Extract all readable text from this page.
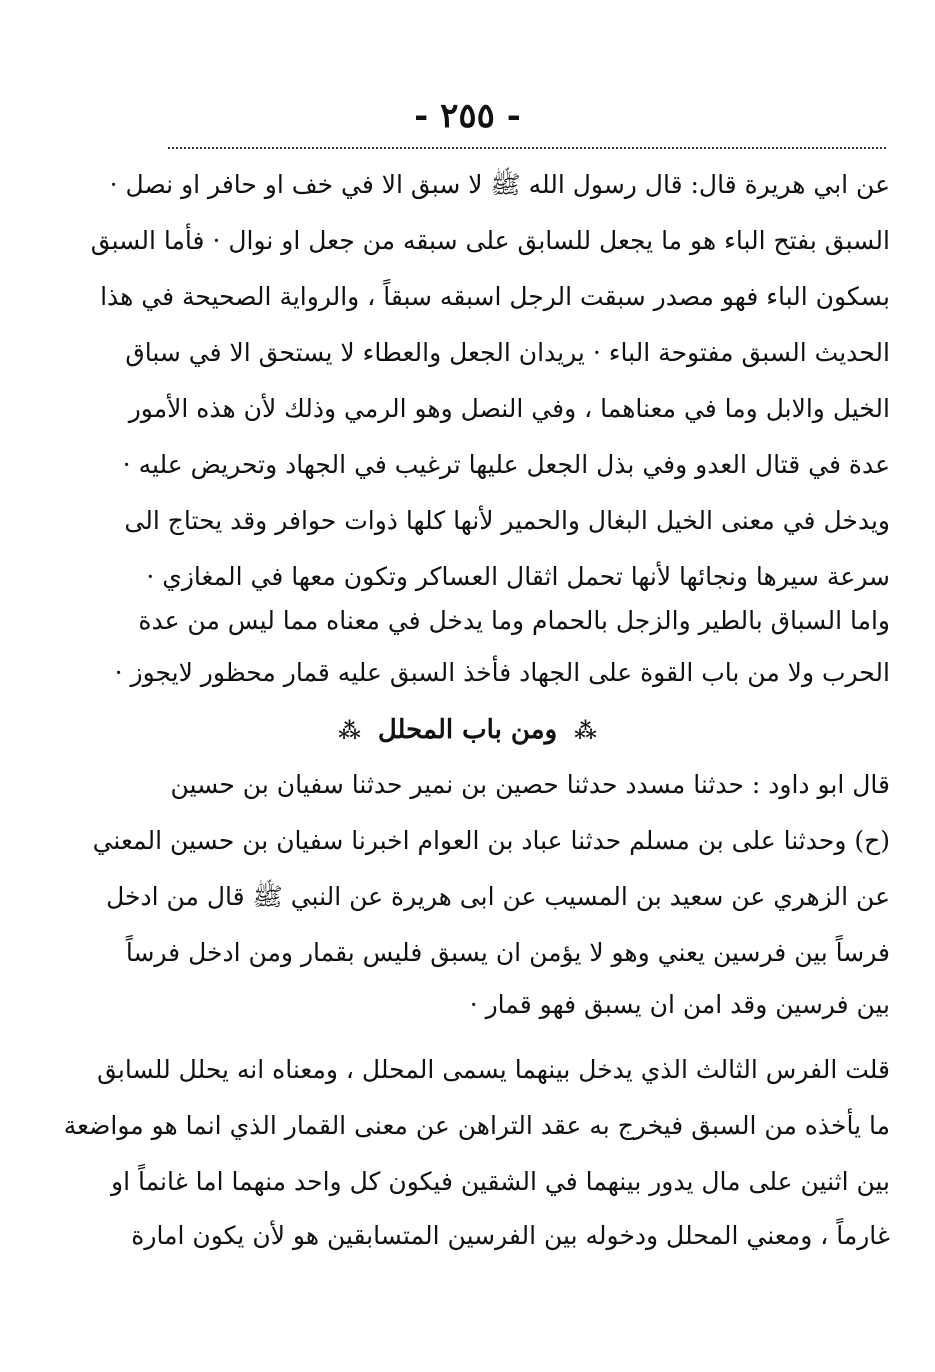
- ٢٥٥ -
عن ابي هريرة قال: قال رسول الله ﷺ لا سبق الا في خف او حافر او نصل ·
السبق بفتح الباء هو ما يجعل للسابق على سبقه من جعل او نوال · فأما السبق
بسكون الباء فهو مصدر سبقت الرجل اسبقه سبقاً ، والرواية الصحيحة في هذا
الحديث السبق مفتوحة الباء · يريدان الجعل والعطاء لا يستحق الا في سباق
الخيل والابل وما في معناهما ، وفي النصل وهو الرمي وذلك لأن هذه الأمور
عدة في قتال العدو وفي بذل الجعل عليها ترغيب في الجهاد وتحريض عليه ·
ويدخل في معنى الخيل البغال والحمير لأنها كلها ذوات حوافر وقد يحتاج الى
سرعة سيرها ونجائها لأنها تحمل اثقال العساكر وتكون معها في المغازي ·
واما السباق بالطير والزجل بالحمام وما يدخل في معناه مما ليس من عدة
الحرب ولا من باب القوة على الجهاد فأخذ السبق عليه قمار محظور لايجوز ·
⁂ ومن باب المحلل ⁂
قال ابو داود : حدثنا مسدد حدثنا حصين بن نمير حدثنا سفيان بن حسين
(ح) وحدثنا على بن مسلم حدثنا عباد بن العوام اخبرنا سفيان بن حسين المعني
عن الزهري عن سعيد بن المسيب عن ابى هريرة عن النبي ﷺ قال من ادخل
فرساً بين فرسين يعني وهو لا يؤمن ان يسبق فليس بقمار ومن ادخل فرساً
بين فرسين وقد امن ان يسبق فهو قمار ·
قلت الفرس الثالث الذي يدخل بينهما يسمى المحلل ، ومعناه انه يحلل للسابق
ما يأخذه من السبق فيخرج به عقد التراهن عن معنى القمار الذي انما هو مواضعة
بين اثنين على مال يدور بينهما في الشقين فيكون كل واحد منهما اما غانماً او
غارماً ، ومعني المحلل ودخوله بين الفرسين المتسابقين هو لأن يكون امارة
